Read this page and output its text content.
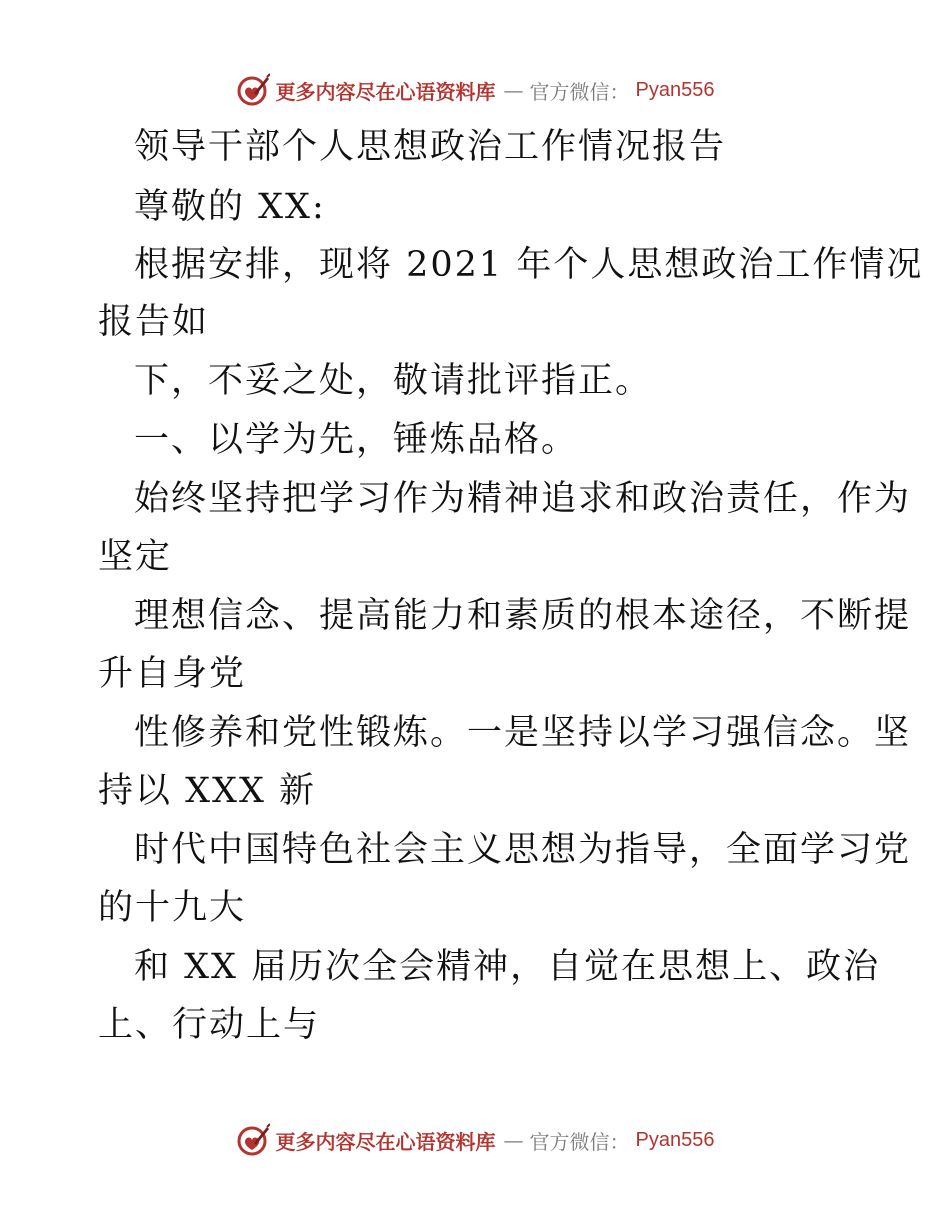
更多内容尽在心语资料库 — 官方微信： Pyan556
领导干部个人思想政治工作情况报告
尊敬的 XX:
根据安排，现将 2021 年个人思想政治工作情况
报告如
下，不妥之处，敬请批评指正。
一、以学为先，锤炼品格。
始终坚持把学习作为精神追求和政治责任，作为
坚定
理想信念、提高能力和素质的根本途径，不断提
升自身党
性修养和党性锻炼。一是坚持以学习强信念。坚
持以 XXX 新
时代中国特色社会主义思想为指导，全面学习党
的十九大
和 XX 届历次全会精神，自觉在思想上、政治
上、行动上与
更多内容尽在心语资料库 — 官方微信： Pyan556
